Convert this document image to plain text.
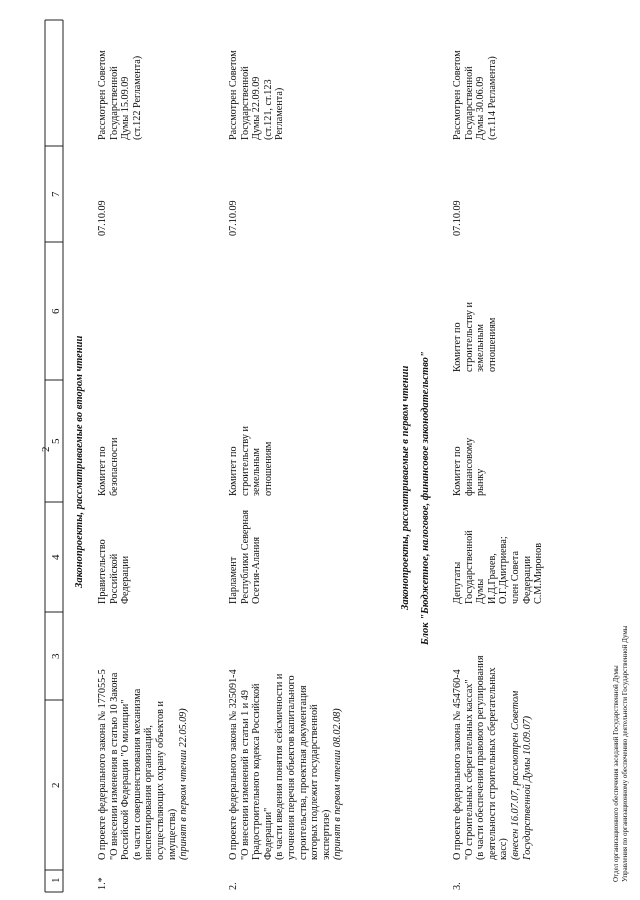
2
1
2
3
4
5
6
7
Законопроекты, рассматриваемые во втором чтении
1.*
О проекте федерального закона № 177055-5
"О внесении изменения в статью 10 Закона
Российской Федерации "О милиции"
(в части совершенствования механизма
инспектирования организаций,
осуществляющих охрану объектов и
имущества) (принят в первом чтении 22.05.09)
Правительство
Российской
Федерации
Комитет по
безопасности
07.10.09
Рассмотрен Советом
Государственной
Думы 15.09.09
(ст.122 Регламента)
2.
О проекте федерального закона № 325091-4
"О внесении изменений в статьи 1 и 49
Градостроительного кодекса Российской
Федерации"
(в части введения понятия сейсмичности и
уточнения перечня объектов капитального
строительства, проектная документация
которых подлежит государственной
экспертизе) (принят в первом чтении 08.02.08)
Парламент
Республики Северная
Осетия-Алания
Комитет по
строительству и
земельным
отношениям
07.10.09
Рассмотрен Советом
Государственной
Думы 22.09.09
(ст.121, ст.123
Регламента)
Законопроекты, рассматриваемые в первом чтении Блок "Бюджетное, налоговое, финансовое законодательство"
3.
О проекте федерального закона № 454760-4
"О строительных сберегательных кассах"
(в части обеспечения правового регулирования
деятельности строительных сберегательных
касс) (внесен 16.07.07, рассмотрен Советом
Государственной Думы 10.09.07)
Депутаты
Государственной
Думы
И.Д.Грачев,
О.Г.Дмитриева;
член Совета
Федерации
С.М.Миронов
Комитет по
финансовому
рынку
Комитет по
строительству и
земельным
отношениям
07.10.09
Рассмотрен Советом
Государственной
Думы 30.06.09
(ст.114 Регламента)
Отдел организационного обеспечения заседаний Государственной Думы Управления по организационному обеспечению деятельности Государственной Думы
